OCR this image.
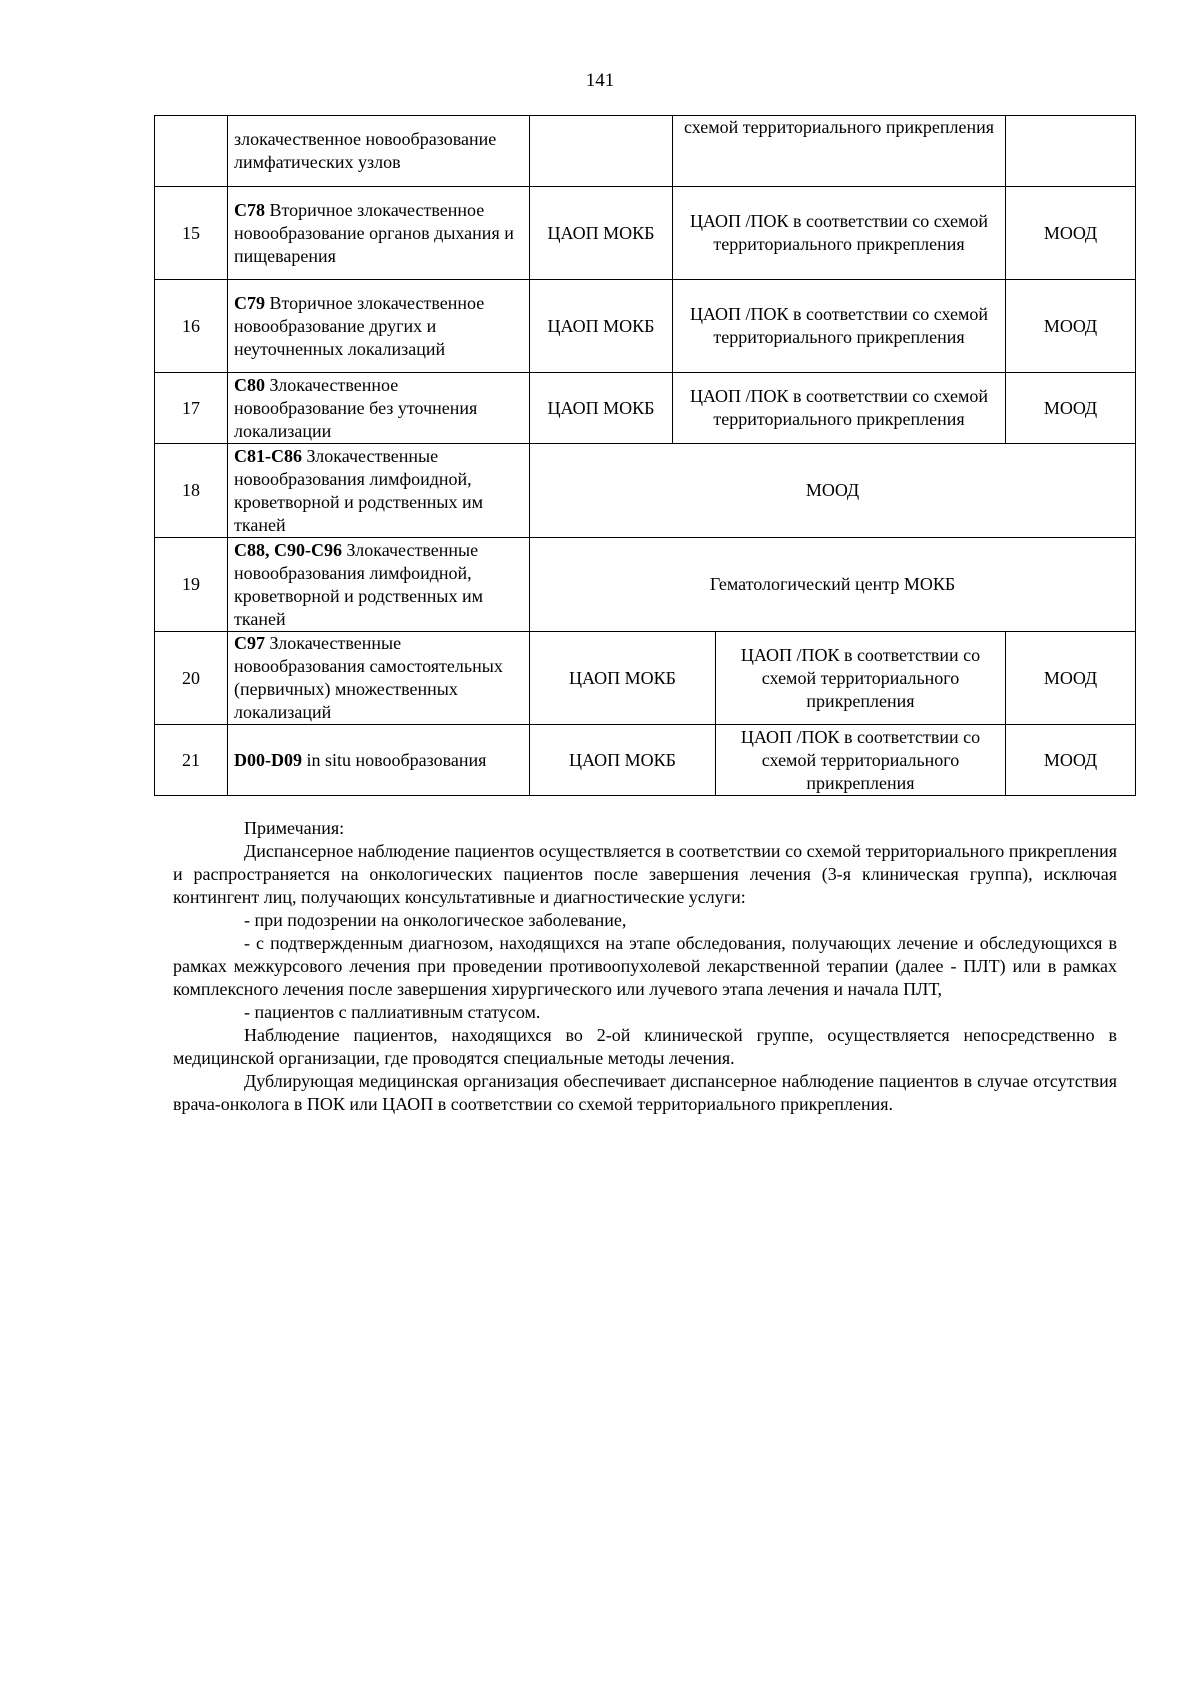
141
	злокачественное новообразование лимфатических узлов		схемой территориального прикрепления		
15	C78 Вторичное злокачественное новообразование органов дыхания и пищеварения	ЦАОП МОКБ	ЦАОП /ПОК в соответствии со схемой территориального прикрепления		МООД
16	C79 Вторичное злокачественное новообразование других и неуточненных локализаций	ЦАОП МОКБ	ЦАОП /ПОК в соответствии со схемой территориального прикрепления		МООД
17	C80 Злокачественное новообразование без уточнения локализации	ЦАОП МОКБ	ЦАОП /ПОК в соответствии со схемой территориального прикрепления		МООД
18	C81-C86 Злокачественные новообразования лимфоидной, кроветворной и родственных им тканей	МООД			
19	C88, C90-C96 Злокачественные новообразования лимфоидной, кроветворной и родственных им тканей	Гематологический центр МОКБ			
20	C97 Злокачественные новообразования самостоятельных (первичных) множественных локализаций	ЦАОП МОКБ		ЦАОП /ПОК в соответствии со схемой территориального прикрепления	МООД
21	D00-D09 in situ новообразования	ЦАОП МОКБ		ЦАОП /ПОК в соответствии со схемой территориального прикрепления	МООД

Примечания:

Диспансерное наблюдение пациентов осуществляется в соответствии со схемой территориального прикрепления и распространяется на онкологических пациентов после завершения лечения (3-я клиническая группа), исключая контингент лиц, получающих консультативные и диагностические услуги:

- при подозрении на онкологическое заболевание,

- с подтвержденным диагнозом, находящихся на этапе обследования, получающих лечение и обследующихся в рамках межкурсового лечения при проведении противоопухолевой лекарственной терапии (далее - ПЛТ) или в рамках комплексного лечения после завершения хирургического или лучевого этапа лечения и начала ПЛТ,

- пациентов с паллиативным статусом.

Наблюдение пациентов, находящихся во 2-ой клинической группе, осуществляется непосредственно в медицинской организации, где проводятся специальные методы лечения.

Дублирующая медицинская организация обеспечивает диспансерное наблюдение пациентов в случае отсутствия врача-онколога в ПОК или ЦАОП в соответствии со схемой территориального прикрепления.
